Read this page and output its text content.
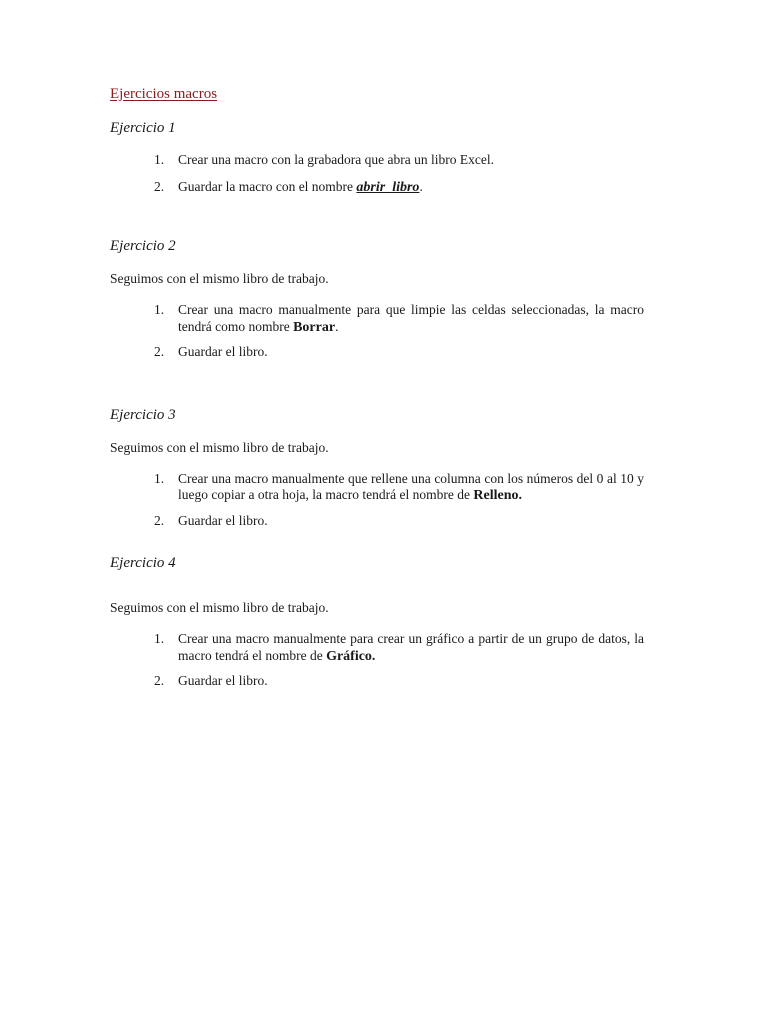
Ejercicios macros
Ejercicio 1
1. Crear una macro con la grabadora que abra un libro Excel.
2. Guardar la macro con el nombre abrir_libro.
Ejercicio 2

Seguimos con el mismo libro de trabajo.

1. Crear una macro manualmente para que limpie las celdas seleccionadas, la macro tendrá como nombre Borrar.
2. Guardar el libro.
Ejercicio 3

Seguimos con el mismo libro de trabajo.

1. Crear una macro manualmente que rellene una columna con los números del 0 al 10 y luego copiar a otra hoja, la macro tendrá el nombre de Relleno.
2. Guardar el libro.
Ejercicio 4

Seguimos con el mismo libro de trabajo.

1. Crear una macro manualmente para crear un gráfico a partir de un grupo de datos, la macro tendrá el nombre de Gráfico.
2. Guardar el libro.
